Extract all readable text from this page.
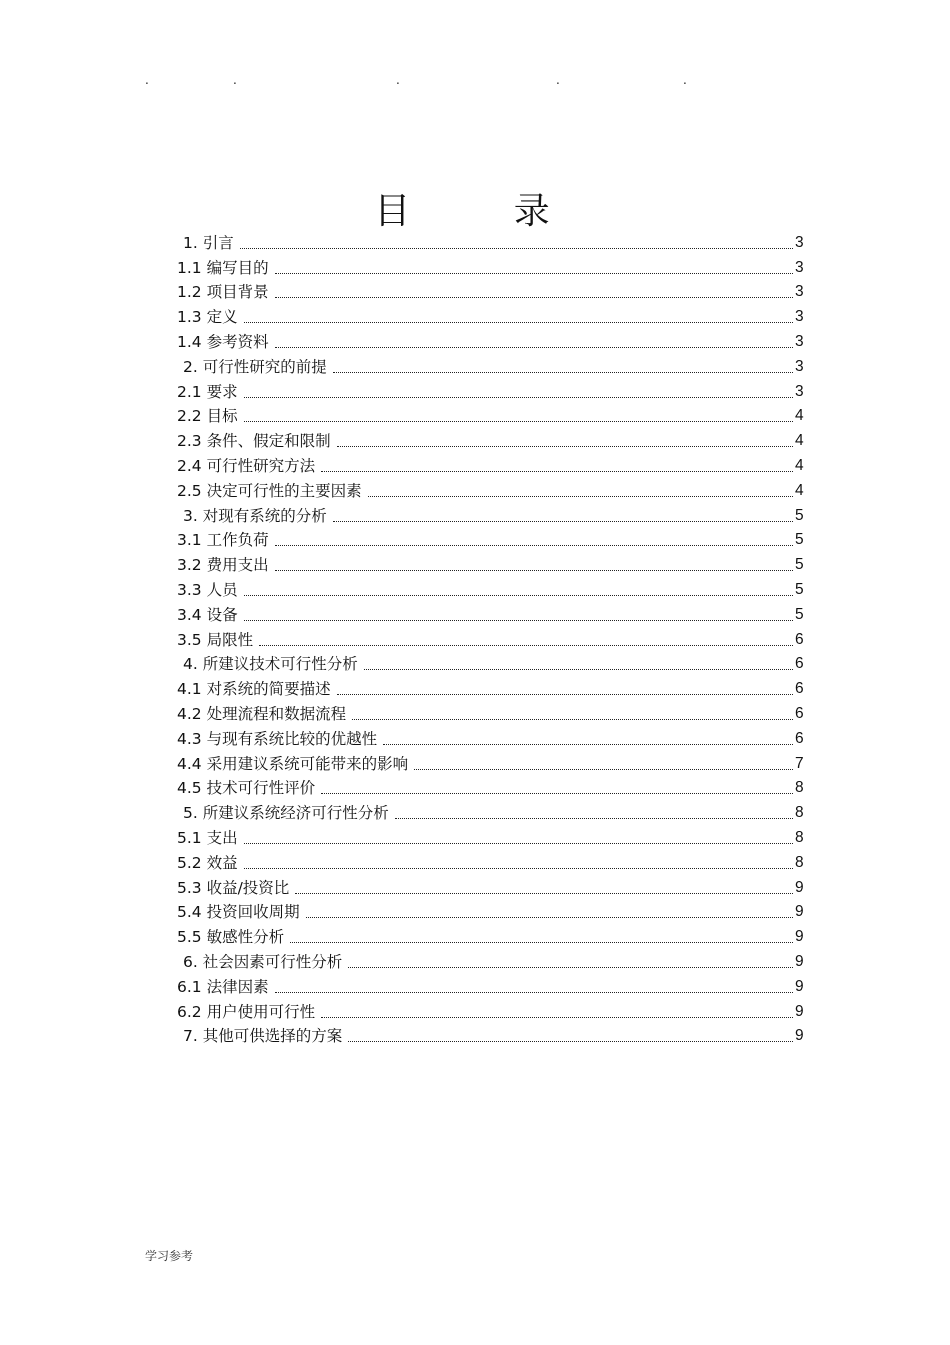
.	.	.	.	.
目 录
1. 引言	3
1.1 编写目的	3
1.2 项目背景	3
1.3 定义	3
1.4 参考资料	3
2. 可行性研究的前提	3
2.1 要求	3
2.2 目标	4
2.3 条件、假定和限制	4
2.4 可行性研究方法	4
2.5 决定可行性的主要因素	4
3. 对现有系统的分析	5
3.1 工作负荷	5
3.2 费用支出	5
3.3 人员	5
3.4 设备	5
3.5 局限性	6
4. 所建议技术可行性分析	6
4.1 对系统的简要描述	6
4.2 处理流程和数据流程	6
4.3 与现有系统比较的优越性	6
4.4 采用建议系统可能带来的影响	7
4.5 技术可行性评价	8
5. 所建议系统经济可行性分析	8
5.1 支出	8
5.2 效益	8
5.3 收益/投资比	9
5.4 投资回收周期	9
5.5 敏感性分析	9
6. 社会因素可行性分析	9
6.1 法律因素	9
6.2 用户使用可行性	9
7. 其他可供选择的方案	9
学习参考
